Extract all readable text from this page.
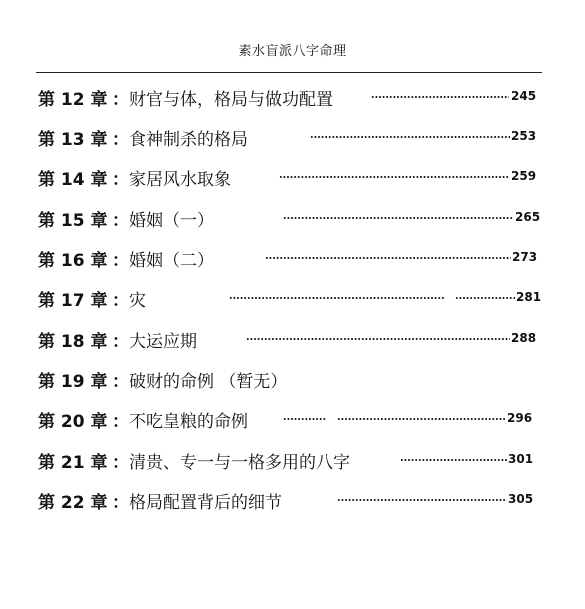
素水盲派八字命理
第 12 章 ： 财官与体，格局与做功配置	245
第 13 章 ： 食神制杀的格局	253
第 14 章 ： 家居风水取象	259
第 15 章 ： 婚姻（一）	265
第 16 章 ： 婚姻（二）	273
第 17 章 ： 灾	281
第 18 章 ： 大运应期	288
第 19 章 ： 破财的命例 （暂无）
第 20 章 ： 不吃皇粮的命例	296
第 21 章 ： 清贵、专一与一格多用的八字	301
第 22 章 ： 格局配置背后的细节	305
